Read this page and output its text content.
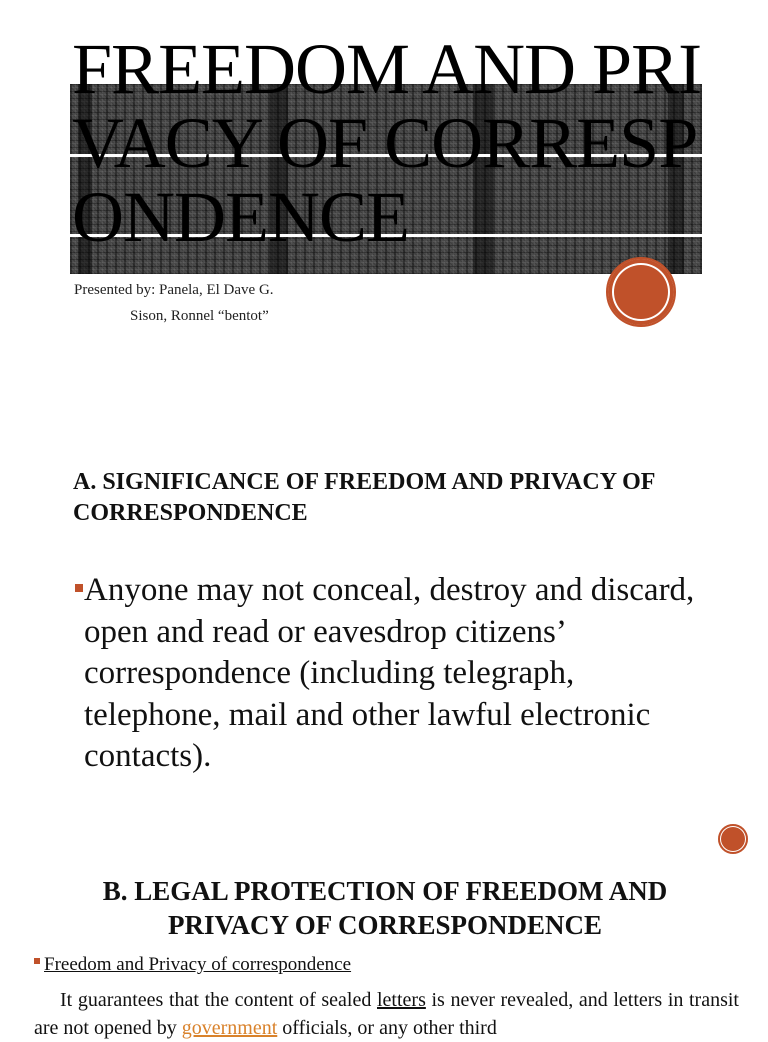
FREEDOM AND PRIVACY OF CORRESPONDENCE
Presented by: Panela, El Dave G.
Sison, Ronnel “bentot”
A. SIGNIFICANCE OF FREEDOM AND PRIVACY OF CORRESPONDENCE

Anyone may not conceal, destroy and discard, open and read or eavesdrop citizens’ correspondence (including telegraph, telephone, mail and other lawful electronic contacts).

B. LEGAL PROTECTION OF FREEDOM AND PRIVACY OF CORRESPONDENCE
Freedom and Privacy of correspondence

It guarantees that the content of sealed letters is never revealed, and letters in transit are not opened by government officials, or any other third
